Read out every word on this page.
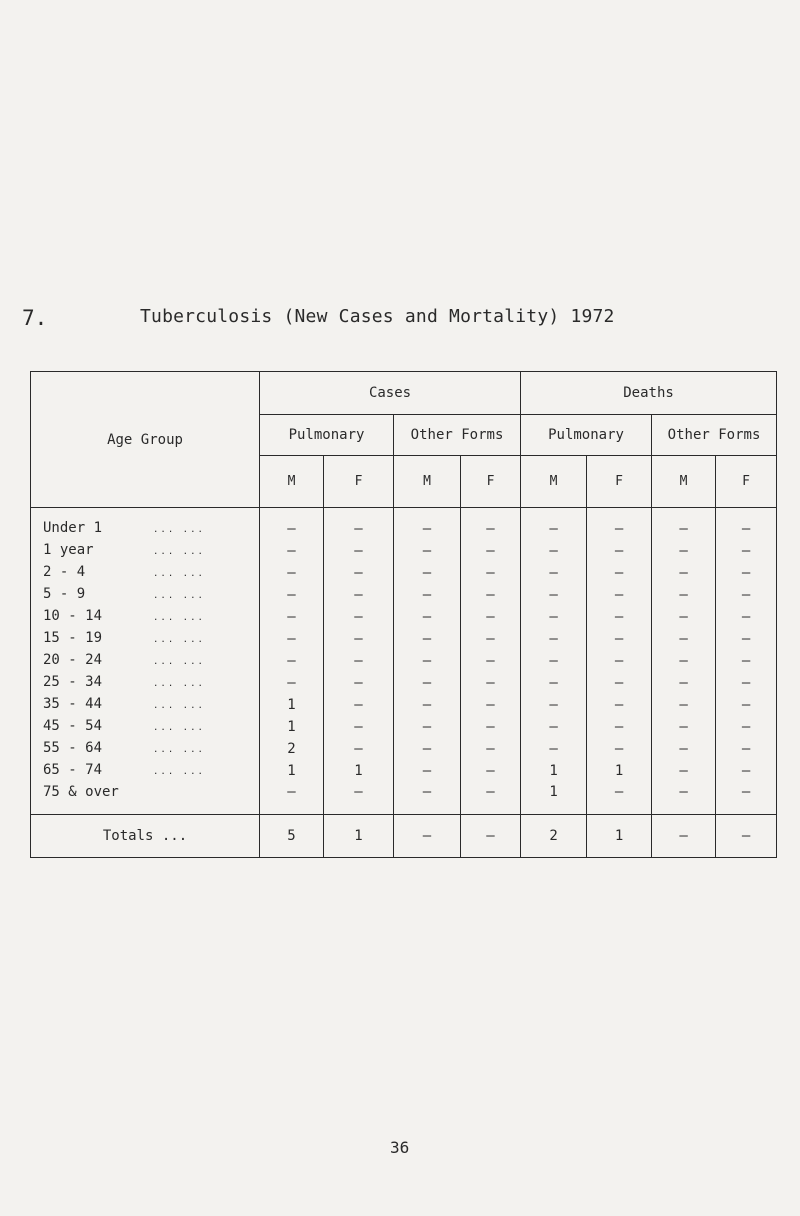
7.	Tuberculosis (New Cases and Mortality) 1972
Age Group	Cases				Deaths			
	Pulmonary		Other Forms		Pulmonary		Other Forms	
	M	F	M	F	M	F	M	F
Under 1 ... ...	—	—	—	—	—	—	—	—
1 year ... ...	—	—	—	—	—	—	—	—
2 - 4 ... ...	—	—	—	—	—	—	—	—
5 - 9 ... ...	—	—	—	—	—	—	—	—
10 - 14 ... ...	—	—	—	—	—	—	—	—
15 - 19 ... ...	—	—	—	—	—	—	—	—
20 - 24 ... ...	—	—	—	—	—	—	—	—
25 - 34 ... ...	—	—	—	—	—	—	—	—
35 - 44 ... ...	1	—	—	—	—	—	—	—
45 - 54 ... ...	1	—	—	—	—	—	—	—
55 - 64 ... ...	2	—	—	—	—	—	—	—
65 - 74 ... ...	1	1	—	—	1	1	—	—
75 & over	—	—	—	—	1	—	—	—
Totals ...	5	1	—	—	2	1	—	—
36
